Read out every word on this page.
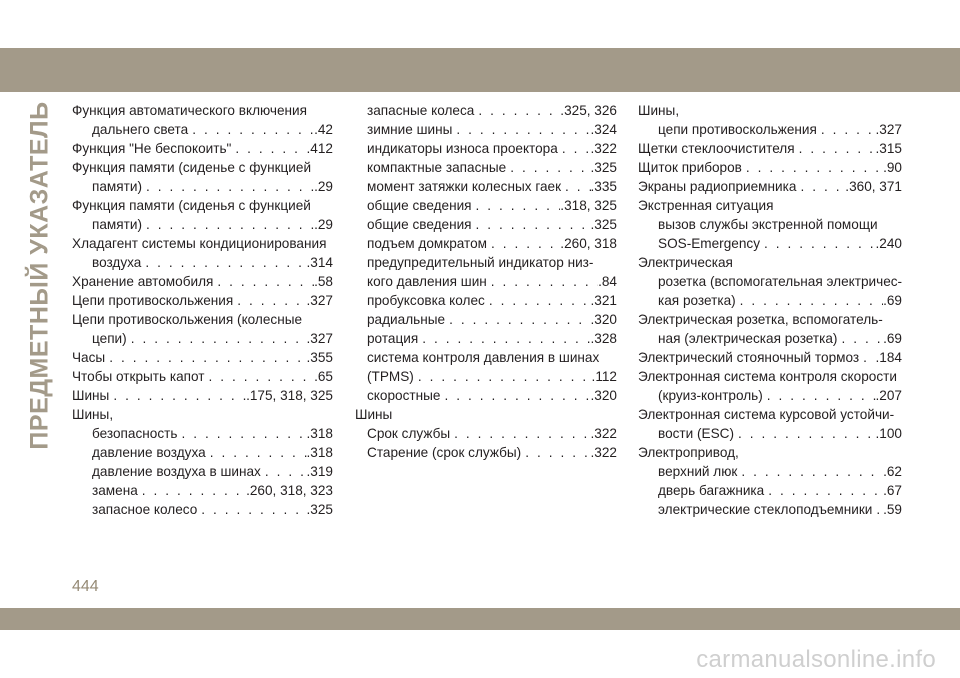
ПРЕДМЕТНЫЙ УКАЗАТЕЛЬ Функция автоматического включения
дальнего света . . .	.42
Функция "Не беспокоить" . . .	.412
Функция памяти (сиденье с функцией
памяти) . . .	.29
Функция памяти (сиденья с функцией
памяти) . . .	.29
Хладагент системы кондиционирования
воздуха . . .	.314
Хранение автомобиля . . .	.58
Цепи противоскольжения . . .	.327
Цепи противоскольжения (колесные
цепи) . . .	.327
Часы . . .	.355
Чтобы открыть капот . . .	.65
Шины . . .	.175, 318, 325
Шины,
безопасность . . .	.318
давление воздуха . . .	.318
давление воздуха в шинах . . .	.319
замена . . .	.260, 318, 323
запасное колесо . . .	.325
запасные колеса . . .	.325, 326
зимние шины . . .	.324
индикаторы износа проектора . . . .322
компактные запасные . . .	.325
момент затяжки колесных гаек . . . .335
общие сведения . . .	.318, 325
общие сведения . . .	.325
подъем домкратом . . .	.260, 318
предупредительный индикатор низ-
кого давления шин . . .	.84
пробуксовка колес . . .	.321
радиальные . . .	.320
ротация . . .	.328
система контроля давления в шинах
(TPMS) . . .	.112
скоростные . . .	.320
Шины
Срок службы . . .	.322
Старение (срок службы) . . .	.322
Шины,
цепи противоскольжения . . .	.327
Щетки стеклоочистителя . . .	.315
Щиток приборов . . .	.90
Экраны радиоприемника . . .	.360, 371
Экстренная ситуация
вызов службы экстренной помощи
SOS-Emergency . . .	.240
Электрическая
розетка (вспомогательная электричес-
кая розетка) . . .	.69
Электрическая розетка, вспомогатель-
ная (электрическая розетка) . . .	.69
Электрический стояночный тормоз . . . .184
Электронная система контроля скорости
(круиз-контроль) . . .	.207
Электронная система курсовой устойчи-
вости (ESC) . . .	.100
Электропривод,
верхний люк . . .	.62
дверь багажника . . .	.67
электрические стеклоподъемники . . . .59
444
carmanualsonline.info
